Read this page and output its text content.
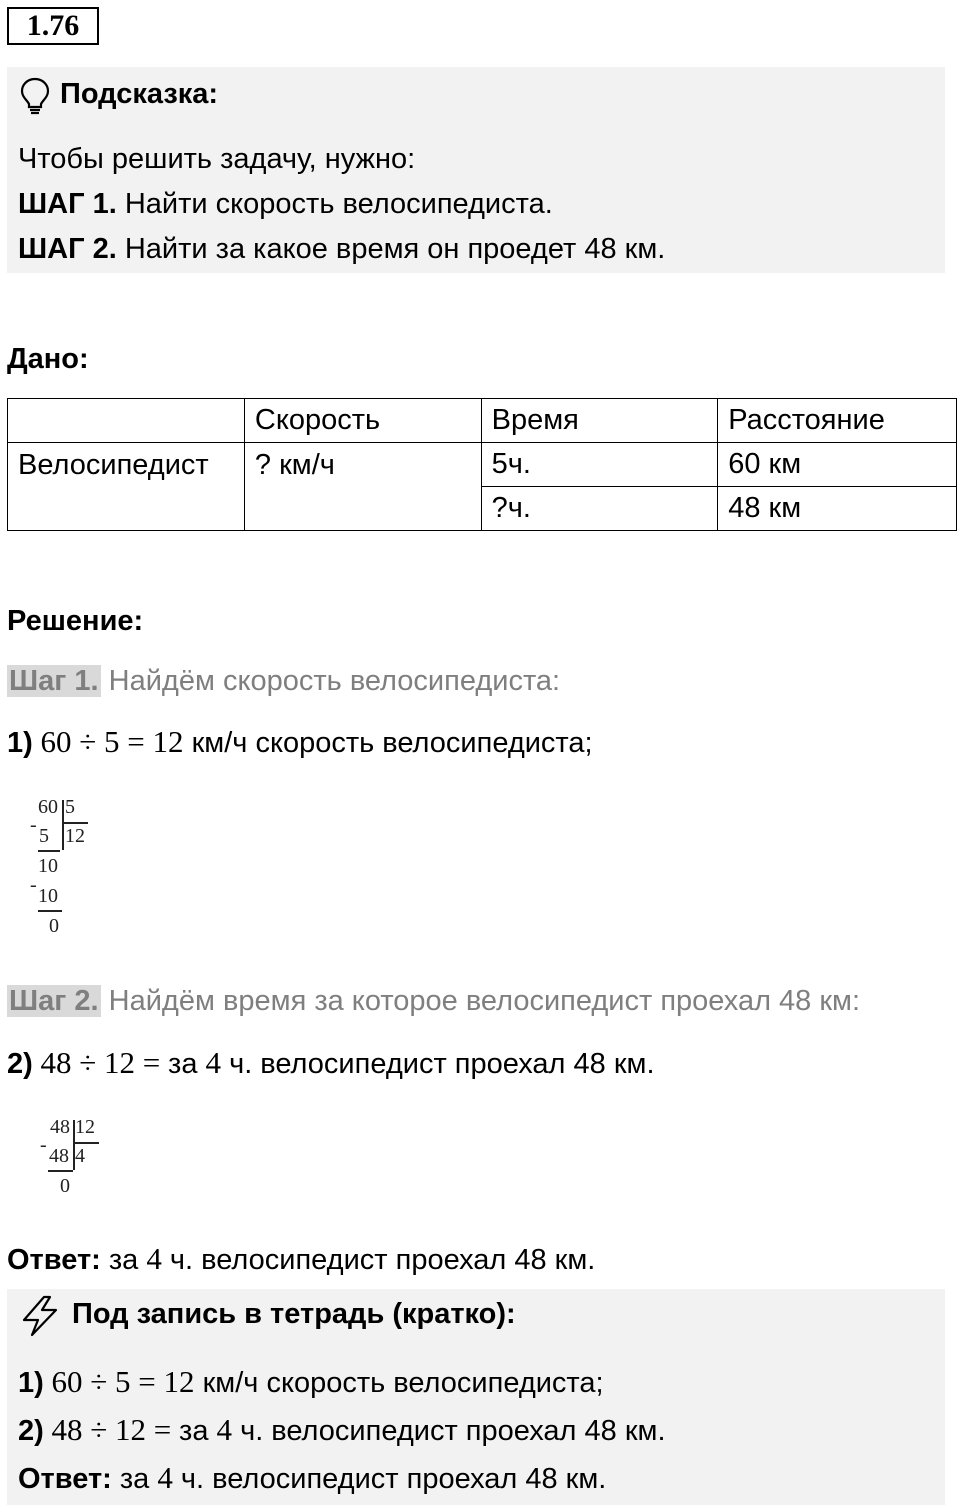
1.76
Подсказка:
Чтобы решить задачу, нужно:
ШАГ 1. Найти скорость велосипедиста.
ШАГ 2. Найти за какое время он проедет 48 км.
Дано:
	Скорость	Время	Расстояние
Велосипедист	? км/ч	5ч.	60 км
		?ч.	48 км
Решение:
Шаг 1. Найдём скорость велосипедиста:
1) 60 ÷ 5 = 12 км/ч скорость велосипедиста;
60 5
12
- 5
10
- 10
0
Шаг 2. Найдём время за которое велосипедист проехал 48 км:
2) 48 ÷ 12 = за 4 ч. велосипедист проехал 48 км.
48 12
4
- 48
0
Ответ: за 4 ч. велосипедист проехал 48 км.
Под запись в тетрадь (кратко):
1) 60 ÷ 5 = 12 км/ч скорость велосипедиста;
2) 48 ÷ 12 = за 4 ч. велосипедист проехал 48 км.
Ответ: за 4 ч. велосипедист проехал 48 км.
